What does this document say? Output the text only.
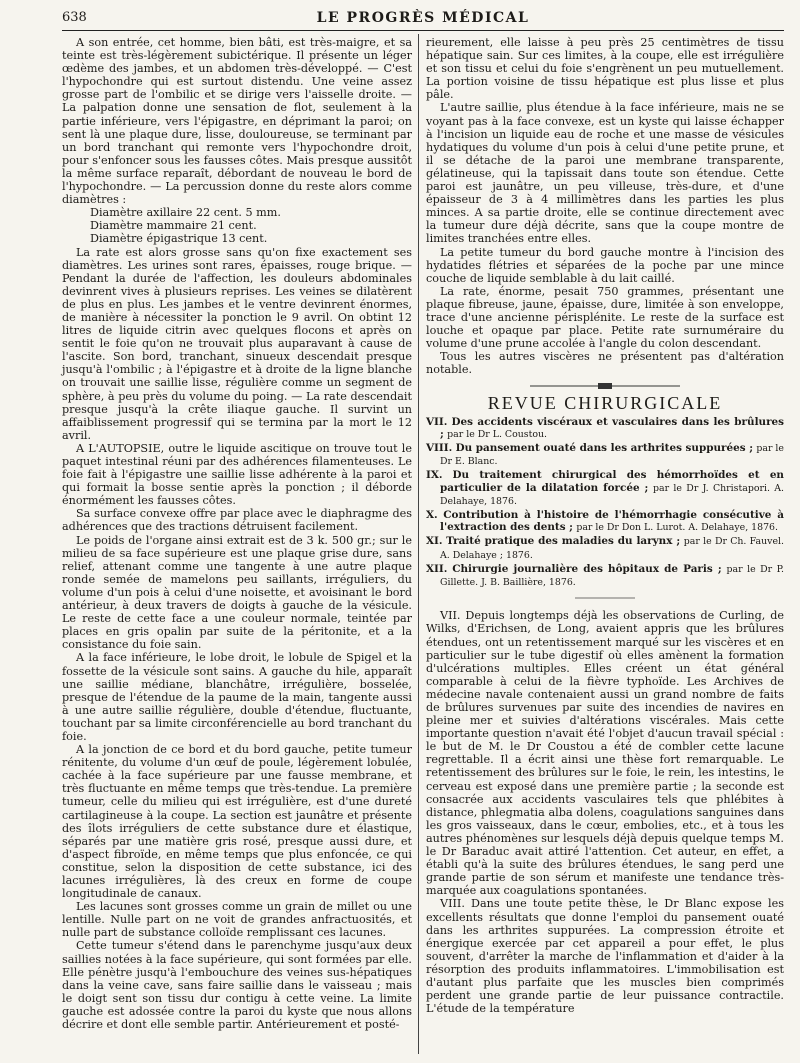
638	LE PROGRÈS MÉDICAL

A son entrée, cet homme, bien bâti, est très-maigre, et sa teinte est très-légèrement subictérique. Il présente un léger œdème des jambes, et un abdomen très-développé. — C'est l'hypochondre qui est surtout distendu. Une veine assez grosse part de l'ombilic et se dirige vers l'aisselle droite. — La palpation donne une sensation de flot, seulement à la partie inférieure, vers l'épigastre, en déprimant la paroi; on sent là une plaque dure, lisse, douloureuse, se terminant par un bord tranchant qui remonte vers l'hypochondre droit, pour s'enfoncer sous les fausses côtes. Mais presque aussitôt la même surface reparaît, débordant de nouveau le bord de l'hypochondre. — La percussion donne du reste alors comme diamètres :

Diamètre axillaire 22 cent. 5 mm.

Diamètre mammaire 21 cent.

Diamètre épigastrique 13 cent.

La rate est alors grosse sans qu'on fixe exactement ses diamètres. Les urines sont rares, épaisses, rouge brique. — Pendant la durée de l'affection, les douleurs abdominales devinrent vives à plusieurs reprises. Les veines se dilatèrent de plus en plus. Les jambes et le ventre devinrent énormes, de manière à nécessiter la ponction le 9 avril. On obtint 12 litres de liquide citrin avec quelques flocons et après on sentit le foie qu'on ne trouvait plus auparavant à cause de l'ascite. Son bord, tranchant, sinueux descendait presque jusqu'à l'ombilic ; à l'épigastre et à droite de la ligne blanche on trouvait une saillie lisse, régulière comme un segment de sphère, à peu près du volume du poing. — La rate descendait presque jusqu'à la crête iliaque gauche. Il survint un affaiblissement progressif qui se termina par la mort le 12 avril.

A L'AUTOPSIE, outre le liquide ascitique on trouve tout le paquet intestinal réuni par des adhérences filamenteuses. Le foie fait à l'épigastre une saillie lisse adhérente à la paroi et qui formait la bosse sentie après la ponction ; il déborde énormément les fausses côtes.

Sa surface convexe offre par place avec le diaphragme des adhérences que des tractions détruisent facilement.

Le poids de l'organe ainsi extrait est de 3 k. 500 gr.; sur le milieu de sa face supérieure est une plaque grise dure, sans relief, attenant comme une tangente à une autre plaque ronde semée de mamelons peu saillants, irréguliers, du volume d'un pois à celui d'une noisette, et avoisinant le bord antérieur, à deux travers de doigts à gauche de la vésicule. Le reste de cette face a une couleur normale, teintée par places en gris opalin par suite de la péritonite, et a la consistance du foie sain.

A la face inférieure, le lobe droit, le lobule de Spigel et la fossette de la vésicule sont sains. A gauche du hile, apparaît une saillie médiane, blanchâtre, irrégulière, bosselée, presque de l'étendue de la paume de la main, tangente aussi à une autre saillie régulière, double d'étendue, fluctuante, touchant par sa limite circonférencielle au bord tranchant du foie.

A la jonction de ce bord et du bord gauche, petite tumeur rénitente, du volume d'un œuf de poule, légèrement lobulée, cachée à la face supérieure par une fausse membrane, et très fluctuante en même temps que très-tendue. La première tumeur, celle du milieu qui est irrégulière, est d'une dureté cartilagineuse à la coupe. La section est jaunâtre et présente des îlots irréguliers de cette substance dure et élastique, séparés par une matière gris rosé, presque aussi dure, et d'aspect fibroïde, en même temps que plus enfoncée, ce qui constitue, selon la disposition de cette substance, ici des lacunes irrégulières, là des creux en forme de coupe longitudinale de canaux.

Les lacunes sont grosses comme un grain de millet ou une lentille. Nulle part on ne voit de grandes anfractuosités, et nulle part de substance colloïde remplissant ces lacunes.

Cette tumeur s'étend dans le parenchyme jusqu'aux deux saillies notées à la face supérieure, qui sont formées par elle. Elle pénètre jusqu'à l'embouchure des veines sus-hépatiques dans la veine cave, sans faire saillie dans le vaisseau ; mais le doigt sent son tissu dur contigu à cette veine. La limite gauche est adossée contre la paroi du kyste que nous allons décrire et dont elle semble partir. Antérieurement et posté-

rieurement, elle laisse à peu près 25 centimètres de tissu hépatique sain. Sur ces limites, à la coupe, elle est irrégulière et son tissu et celui du foie s'engrènent un peu mutuellement. La portion voisine de tissu hépatique est plus lisse et plus pâle.

L'autre saillie, plus étendue à la face inférieure, mais ne se voyant pas à la face convexe, est un kyste qui laisse échapper à l'incision un liquide eau de roche et une masse de vésicules hydatiques du volume d'un pois à celui d'une petite prune, et il se détache de la paroi une membrane transparente, gélatineuse, qui la tapissait dans toute son étendue. Cette paroi est jaunâtre, un peu villeuse, très-dure, et d'une épaisseur de 3 à 4 millimètres dans les parties les plus minces. A sa partie droite, elle se continue directement avec la tumeur dure déjà décrite, sans que la coupe montre de limites tranchées entre elles.

La petite tumeur du bord gauche montre à l'incision des hydatides flétries et séparées de la poche par une mince couche de liquide semblable à du lait caillé.

La rate, énorme, pesait 750 grammes, présentant une plaque fibreuse, jaune, épaisse, dure, limitée à son enveloppe, trace d'une ancienne périsplénite. Le reste de la surface est louche et opaque par place. Petite rate surnuméraire du volume d'une prune accolée à l'angle du colon descendant.

Tous les autres viscères ne présentent pas d'altération notable.

REVUE CHIRURGICALE
VII. Des accidents viscéraux et vasculaires dans les brûlures ; par le Dr L. Coustou.
VIII. Du pansement ouaté dans les arthrites suppurées ; par le Dr E. Blanc.
IX. Du traitement chirurgical des hémorrhoïdes et en particulier de la dilatation forcée ; par le Dr J. Christapori. A. Delahaye, 1876.
X. Contribution à l'histoire de l'hémorrhagie consécutive à l'extraction des dents ; par le Dr Don L. Lurot. A. Delahaye, 1876.
XI. Traité pratique des maladies du larynx ; par le Dr Ch. Fauvel. A. Delahaye ; 1876.
XII. Chirurgie journalière des hôpitaux de Paris ; par le Dr P. Gillette. J. B. Baillière, 1876.

VII. Depuis longtemps déjà les observations de Curling, de Wilks, d'Erichsen, de Long, avaient appris que les brûlures étendues, ont un retentissement marqué sur les viscères et en particulier sur le tube digestif où elles amènent la formation d'ulcérations multiples. Elles créent un état général comparable à celui de la fièvre typhoïde. Les Archives de médecine navale contenaient aussi un grand nombre de faits de brûlures survenues par suite des incendies de navires en pleine mer et suivies d'altérations viscérales. Mais cette importante question n'avait été l'objet d'aucun travail spécial : le but de M. le Dr Coustou a été de combler cette lacune regrettable. Il a écrit ainsi une thèse fort remarquable. Le retentissement des brûlures sur le foie, le rein, les intestins, le cerveau est exposé dans une première partie ; la seconde est consacrée aux accidents vasculaires tels que phlébites à distance, phlegmatia alba dolens, coagulations sanguines dans les gros vaisseaux, dans le cœur, embolies, etc., et à tous les autres phénomènes sur lesquels déjà depuis quelque temps M. le Dr Baraduc avait attiré l'attention. Cet auteur, en effet, a établi qu'à la suite des brûlures étendues, le sang perd une grande partie de son sérum et manifeste une tendance très-marquée aux coagulations spontanées.

VIII. Dans une toute petite thèse, le Dr Blanc expose les excellents résultats que donne l'emploi du pansement ouaté dans les arthrites suppurées. La compression étroite et énergique exercée par cet appareil a pour effet, le plus souvent, d'arrêter la marche de l'inflammation et d'aider à la résorption des produits inflammatoires. L'immobilisation est d'autant plus parfaite que les muscles bien comprimés perdent une grande partie de leur puissance contractile. L'étude de la température
